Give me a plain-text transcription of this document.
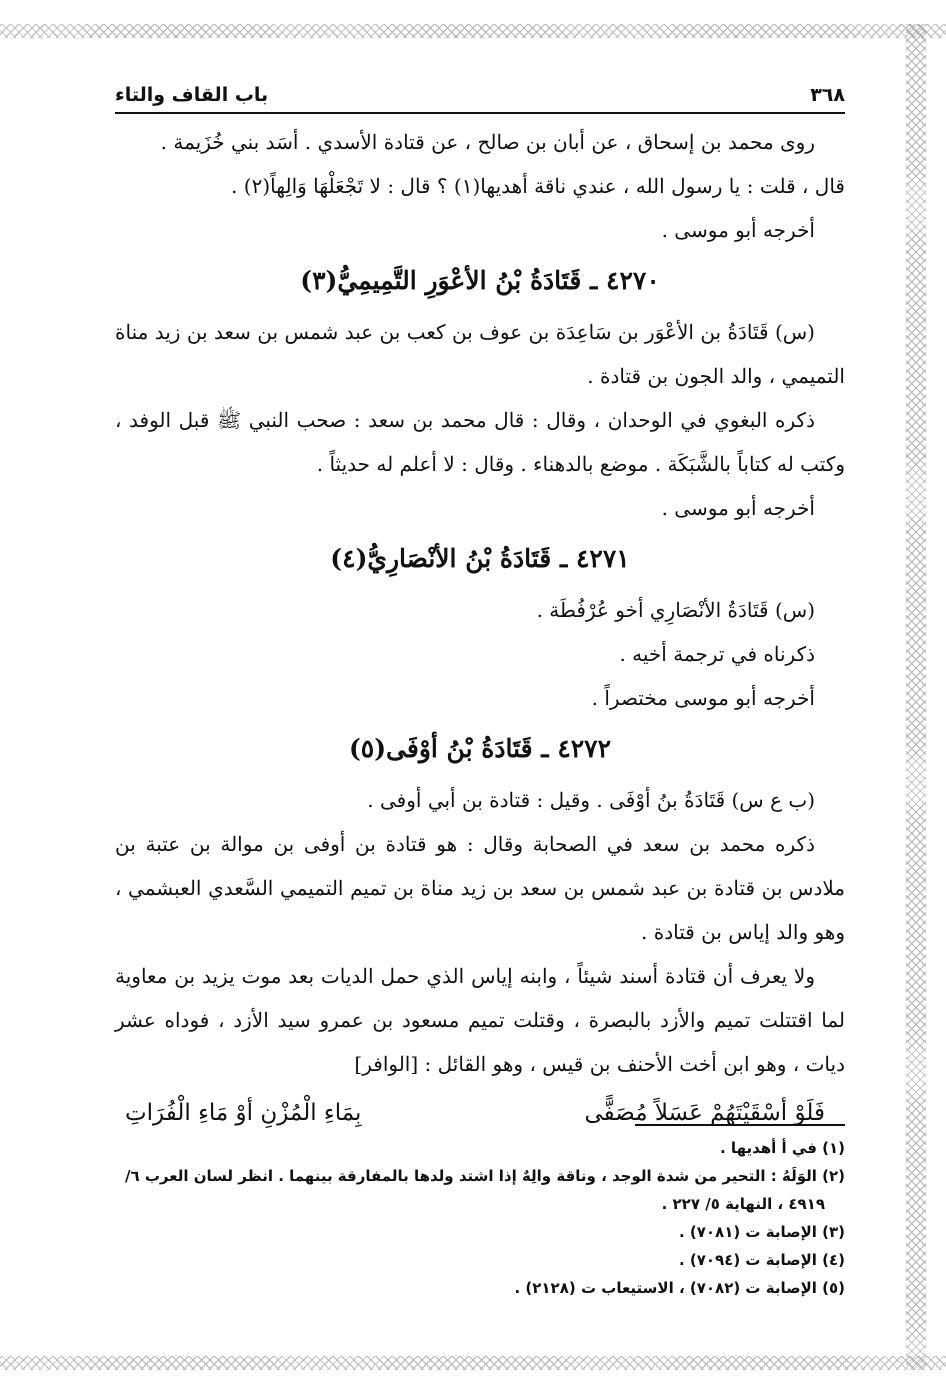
٣٦٨
باب القاف والتاء

روى محمد بن إسحاق ، عن أبان بن صالح ، عن قتادة الأسدي . أسَد بني خُزَيمة .

قال ، قلت : يا رسول الله ، عندي ناقة أهديها(١) ؟ قال : لا تَجْعَلْهَا وَالِهاً(٢) .

أخرجه أبو موسى .

٤٢٧٠ ـ قَتَادَةُ بْنُ الأعْوَرِ التَّمِيمِيُّ(٣)

(س) قَتَادَةُ بن الأعْوَر بن سَاعِدَة بن عوف بن كعب بن عبد شمس بن سعد بن زيد مناة التميمي ، والد الجون بن قتادة .

ذكره البغوي في الوحدان ، وقال : قال محمد بن سعد : صحب النبي ﷺ قبل الوفد ، وكتب له كتاباً بالشَّبَكَة . موضع بالدهناء . وقال : لا أعلم له حديثاً .

أخرجه أبو موسى .

٤٢٧١ ـ قَتَادَةُ بْنُ الأنْصَارِيُّ(٤)

(س) قَتَادَةُ الأنْصَارِي أخو عُرْفُطَة .

ذكرناه في ترجمة أخيه .

أخرجه أبو موسى مختصراً .

٤٢٧٢ ـ قَتَادَةُ بْنُ أوْفَى(٥)

(ب ع س) قَتَادَةُ بنُ أوْفَى . وقيل : قتادة بن أبي أوفى .

ذكره محمد بن سعد في الصحابة وقال : هو قتادة بن أوفى بن موالة بن عتبة بن ملادس بن قتادة بن عبد شمس بن سعد بن زيد مناة بن تميم التميمي السَّعدي العبشمي ، وهو والد إياس بن قتادة .

ولا يعرف أن قتادة أسند شيئاً ، وابنه إياس الذي حمل الديات بعد موت يزيد بن معاوية لما اقتتلت تميم والأزد بالبصرة ، وقتلت تميم مسعود بن عمرو سيد الأزد ، فوداه عشر ديات ، وهو ابن أخت الأحنف بن قيس ، وهو القائل : [الوافر]

فَلَوْ أسْقَيْتَهُمْ عَسَلاً مُصَفًّى
بِمَاءِ الْمُزْنِ أوْ مَاءِ الْفُرَاتِ

(١) في أ أهديها .

(٢) الوَلَهُ : التحير من شدة الوجد ، وناقة والِهٌ إذا اشتد ولدها بالمفارقة بينهما . انظر لسان العرب ٦/

٤٩١٩ ، النهاية ٥/ ٢٢٧ .

(٣) الإصابة ت (٧٠٨١) .

(٤) الإصابة ت (٧٠٩٤) .

(٥) الإصابة ت (٧٠٨٢) ، الاستيعاب ت (٢١٢٨) .
